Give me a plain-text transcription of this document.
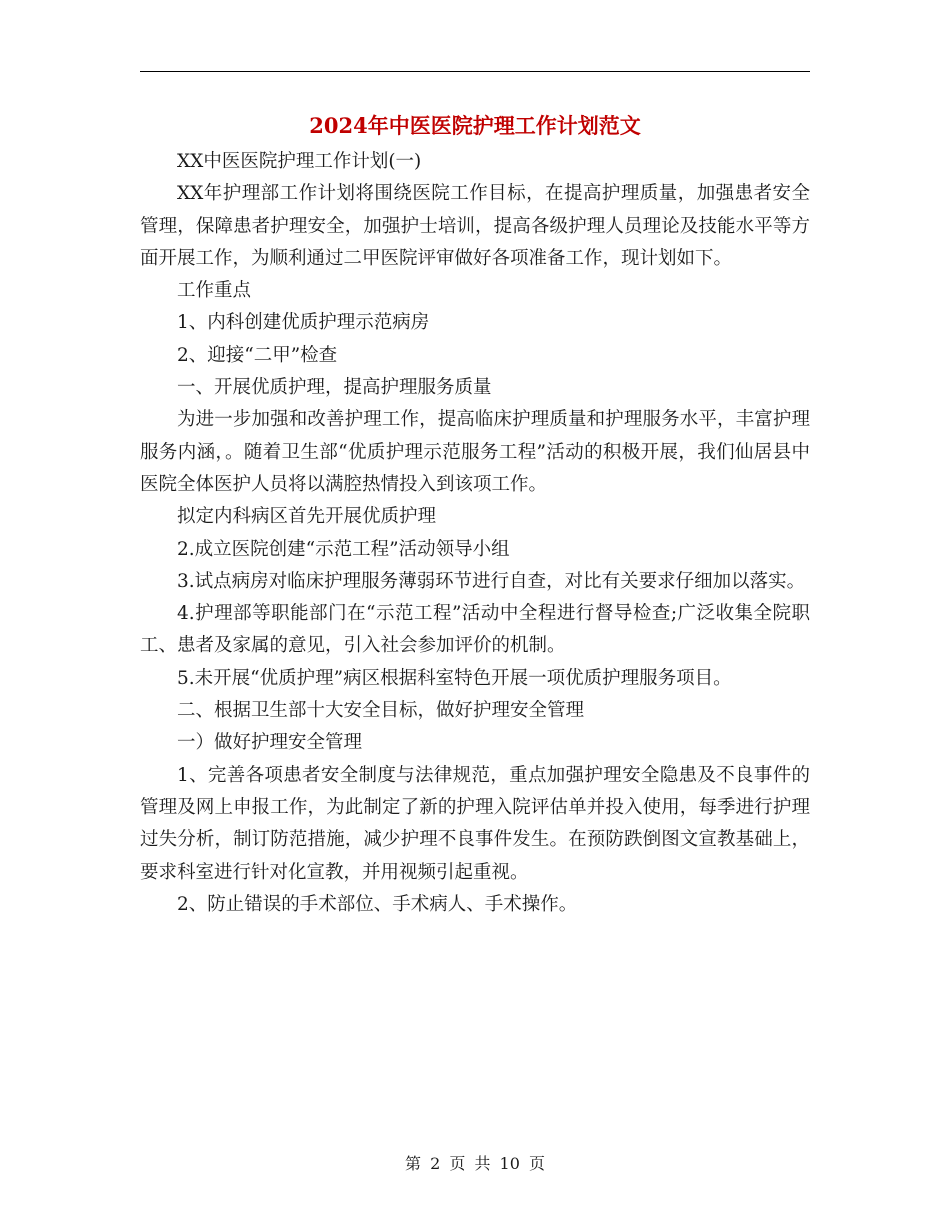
2024年中医医院护理工作计划范文

XX中医医院护理工作计划(一)

XX年护理部工作计划将围绕医院工作目标，在提高护理质量，加强患者安全管理，保障患者护理安全，加强护士培训，提高各级护理人员理论及技能水平等方面开展工作，为顺利通过二甲医院评审做好各项准备工作，现计划如下。

工作重点

1、内科创建优质护理示范病房

2、迎接“二甲”检查

一、开展优质护理，提高护理服务质量

为进一步加强和改善护理工作，提高临床护理质量和护理服务水平，丰富护理服务内涵，。随着卫生部“优质护理示范服务工程”活动的积极开展，我们仙居县中医院全体医护人员将以满腔热情投入到该项工作。

拟定内科病区首先开展优质护理

2.成立医院创建“示范工程”活动领导小组

3.试点病房对临床护理服务薄弱环节进行自查，对比有关要求仔细加以落实。

4.护理部等职能部门在“示范工程”活动中全程进行督导检查;广泛收集全院职工、患者及家属的意见，引入社会参加评价的机制。

5.未开展“优质护理”病区根据科室特色开展一项优质护理服务项目。

二、根据卫生部十大安全目标，做好护理安全管理

一）做好护理安全管理

1、完善各项患者安全制度与法律规范，重点加强护理安全隐患及不良事件的管理及网上申报工作，为此制定了新的护理入院评估单并投入使用，每季进行护理过失分析，制订防范措施，减少护理不良事件发生。在预防跌倒图文宣教基础上，要求科室进行针对化宣教，并用视频引起重视。

2、防止错误的手术部位、手术病人、手术操作。

第 2 页 共 10 页
